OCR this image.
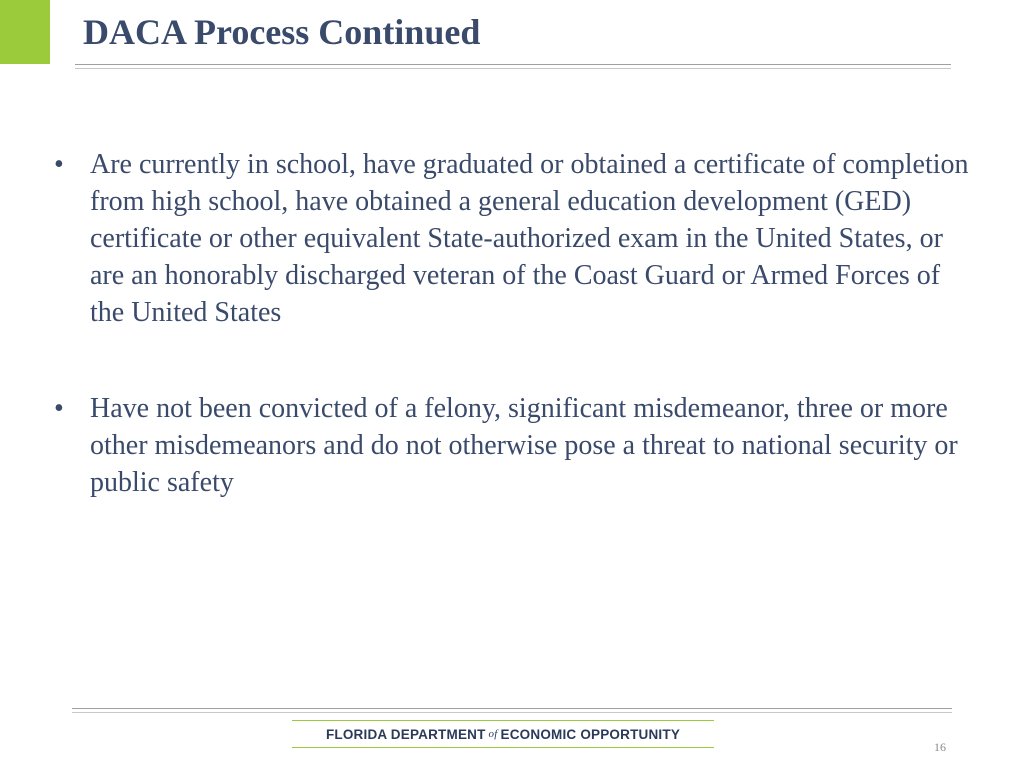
DACA Process Continued
• Are currently in school, have graduated or obtained a certificate of completion from high school, have obtained a general education development (GED) certificate or other equivalent State-authorized exam in the United States, or are an honorably discharged veteran of the Coast Guard or Armed Forces of the United States
• Have not been convicted of a felony, significant misdemeanor, three or more other misdemeanors and do not otherwise pose a threat to national security or public safety
FLORIDA DEPARTMENT of ECONOMIC OPPORTUNITY
16
